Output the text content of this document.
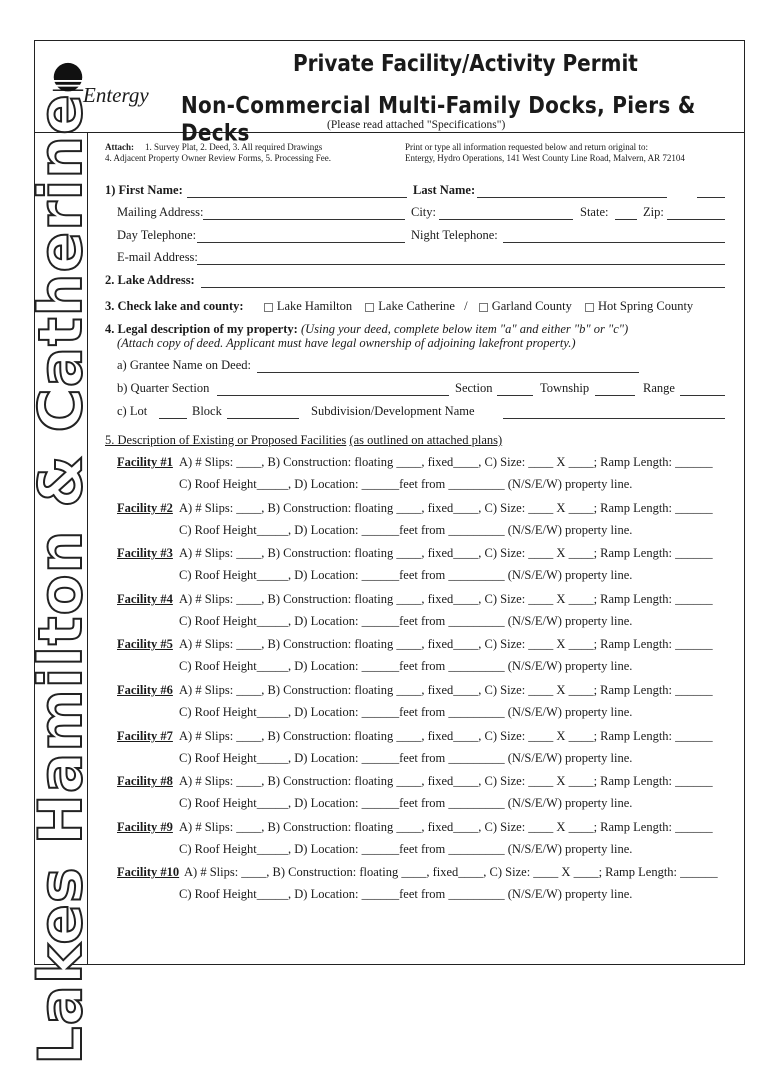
Lakes Hamilton & Catherine
Entergy
Private Facility/Activity Permit
Non-Commercial Multi-Family Docks, Piers & Decks	(Please read attached "Specifications")
Attach: 1. Survey Plat, 2. Deed, 3. All required Drawings
4. Adjacent Property Owner Review Forms, 5. Processing Fee.
Print or type all information requested below and return original to:
Entergy, Hydro Operations, 141 West County Line Road, Malvern, AR 72104
1) First Name:	Last Name:
Mailing Address:	City:	State:	Zip:
Day Telephone:	Night Telephone:
E-mail Address:
2. Lake Address:
3. Check lake and county:	Lake Hamilton Lake Catherine / Garland County Hot Spring County
4. Legal description of my property: (Using your deed, complete below item "a" and either "b" or "c")
(Attach copy of deed. Applicant must have legal ownership of adjoining lakefront property.)
a) Grantee Name on Deed:
b) Quarter Section	Section	Township	Range
c) Lot	Block	Subdivision/Development Name
5. Description of Existing or Proposed Facilities (as outlined on attached plans)
Facility #1 A) # Slips: ____, B) Construction: floating ____, fixed____, C) Size: ____ X ____; Ramp Length: ______
C) Roof Height_____, D) Location: ______feet from _________ (N/S/E/W) property line.
Facility #2 A) # Slips: ____, B) Construction: floating ____, fixed____, C) Size: ____ X ____; Ramp Length: ______
C) Roof Height_____, D) Location: ______feet from _________ (N/S/E/W) property line.
Facility #3 A) # Slips: ____, B) Construction: floating ____, fixed____, C) Size: ____ X ____; Ramp Length: ______
C) Roof Height_____, D) Location: ______feet from _________ (N/S/E/W) property line.
Facility #4 A) # Slips: ____, B) Construction: floating ____, fixed____, C) Size: ____ X ____; Ramp Length: ______
C) Roof Height_____, D) Location: ______feet from _________ (N/S/E/W) property line.
Facility #5 A) # Slips: ____, B) Construction: floating ____, fixed____, C) Size: ____ X ____; Ramp Length: ______
C) Roof Height_____, D) Location: ______feet from _________ (N/S/E/W) property line.
Facility #6 A) # Slips: ____, B) Construction: floating ____, fixed____, C) Size: ____ X ____; Ramp Length: ______
C) Roof Height_____, D) Location: ______feet from _________ (N/S/E/W) property line.
Facility #7 A) # Slips: ____, B) Construction: floating ____, fixed____, C) Size: ____ X ____; Ramp Length: ______
C) Roof Height_____, D) Location: ______feet from _________ (N/S/E/W) property line.
Facility #8 A) # Slips: ____, B) Construction: floating ____, fixed____, C) Size: ____ X ____; Ramp Length: ______
C) Roof Height_____, D) Location: ______feet from _________ (N/S/E/W) property line.
Facility #9 A) # Slips: ____, B) Construction: floating ____, fixed____, C) Size: ____ X ____; Ramp Length: ______
C) Roof Height_____, D) Location: ______feet from _________ (N/S/E/W) property line.
Facility #10 A) # Slips: ____, B) Construction: floating ____, fixed____, C) Size: ____ X ____; Ramp Length: ______
C) Roof Height_____, D) Location: ______feet from _________ (N/S/E/W) property line.
